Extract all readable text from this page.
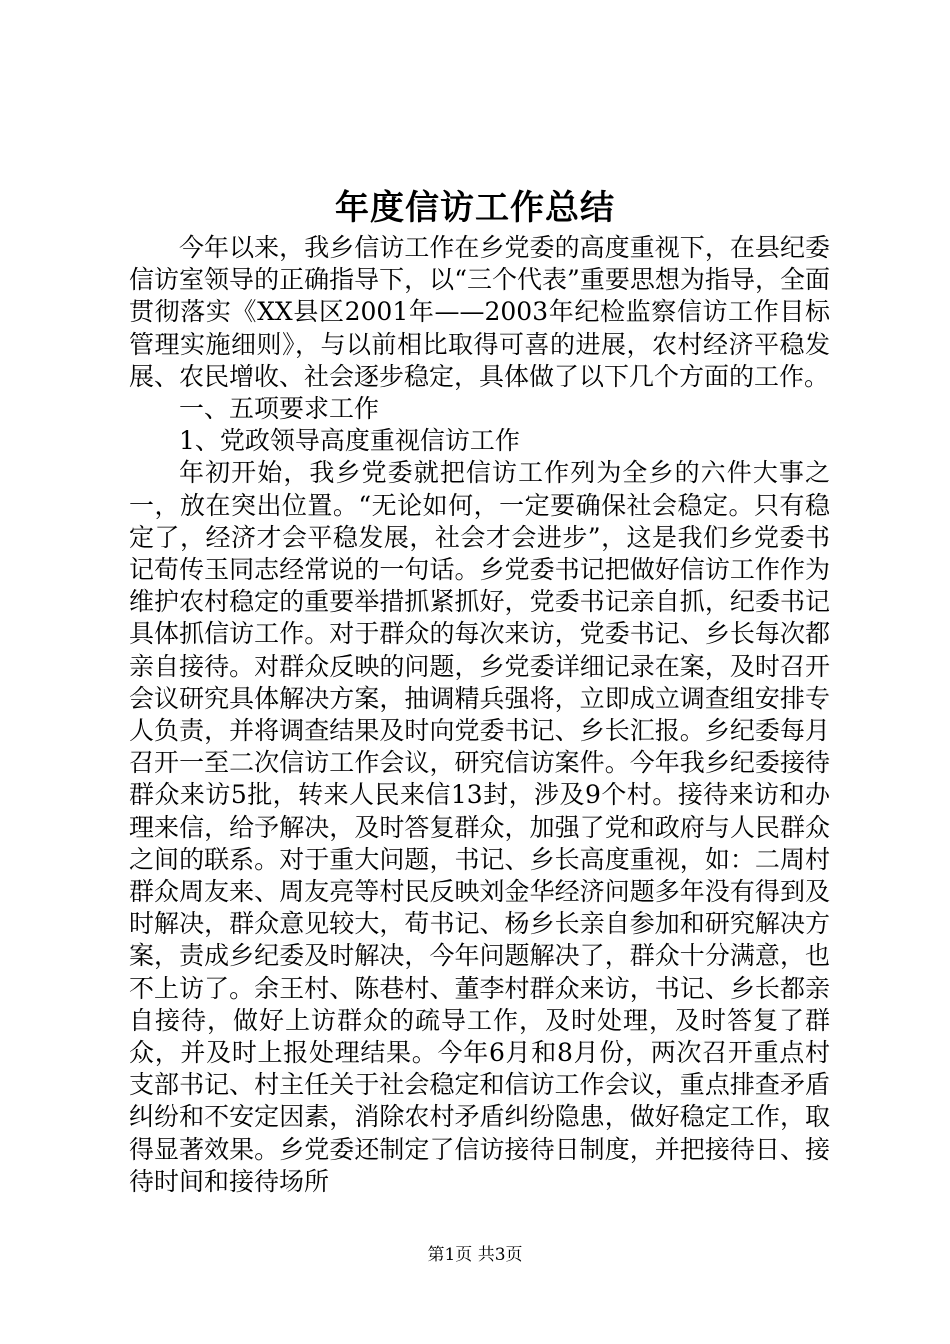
年度信访工作总结

今年以来，我乡信访工作在乡党委的高度重视下，在县纪委信访室领导的正确指导下，以“三个代表”重要思想为指导，全面贯彻落实《XX县区2001年——2003年纪检监察信访工作目标管理实施细则》，与以前相比取得可喜的进展，农村经济平稳发展、农民增收、社会逐步稳定，具体做了以下几个方面的工作。

一、五项要求工作

1、党政领导高度重视信访工作

年初开始，我乡党委就把信访工作列为全乡的六件大事之一，放在突出位置。“无论如何，一定要确保社会稳定。只有稳定了，经济才会平稳发展，社会才会进步”，这是我们乡党委书记荀传玉同志经常说的一句话。乡党委书记把做好信访工作作为维护农村稳定的重要举措抓紧抓好，党委书记亲自抓，纪委书记具体抓信访工作。对于群众的每次来访，党委书记、乡长每次都亲自接待。对群众反映的问题，乡党委详细记录在案，及时召开会议研究具体解决方案，抽调精兵强将，立即成立调查组安排专人负责，并将调查结果及时向党委书记、乡长汇报。乡纪委每月召开一至二次信访工作会议，研究信访案件。今年我乡纪委接待群众来访5批，转来人民来信13封，涉及9个村。接待来访和办理来信，给予解决，及时答复群众，加强了党和政府与人民群众之间的联系。对于重大问题，书记、乡长高度重视，如：二周村群众周友来、周友亮等村民反映刘金华经济问题多年没有得到及时解决，群众意见较大，荀书记、杨乡长亲自参加和研究解决方案，责成乡纪委及时解决，今年问题解决了，群众十分满意，也不上访了。余王村、陈巷村、董李村群众来访，书记、乡长都亲自接待，做好上访群众的疏导工作，及时处理，及时答复了群众，并及时上报处理结果。今年6月和8月份，两次召开重点村支部书记、村主任关于社会稳定和信访工作会议，重点排查矛盾纠纷和不安定因素，消除农村矛盾纠纷隐患，做好稳定工作，取得显著效果。乡党委还制定了信访接待日制度，并把接待日、接待时间和接待场所

第1页 共3页
